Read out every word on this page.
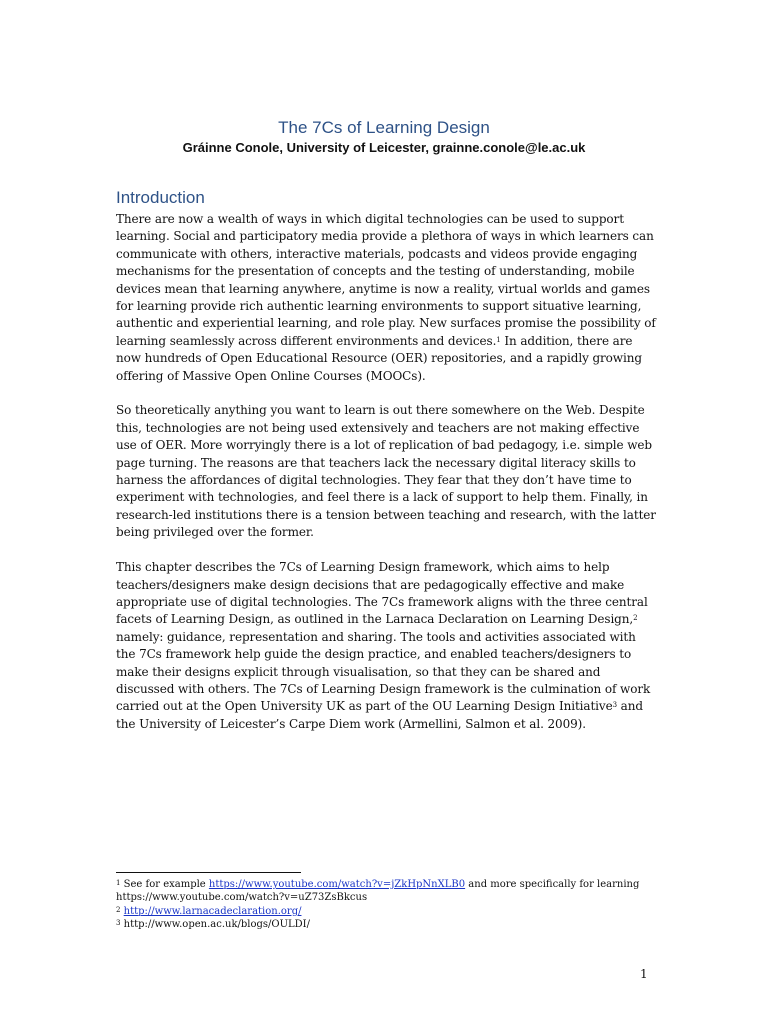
The 7Cs of Learning Design
Gráinne Conole, University of Leicester, grainne.conole@le.ac.uk
Introduction

There are now a wealth of ways in which digital technologies can be used to support learning. Social and participatory media provide a plethora of ways in which learners can communicate with others, interactive materials, podcasts and videos provide engaging mechanisms for the presentation of concepts and the testing of understanding, mobile devices mean that learning anywhere, anytime is now a reality, virtual worlds and games for learning provide rich authentic learning environments to support situative learning, authentic and experiential learning, and role play. New surfaces promise the possibility of learning seamlessly across different environments and devices.$^1$ In addition, there are now hundreds of Open Educational Resource (OER) repositories, and a rapidly growing offering of Massive Open Online Courses (MOOCs).

So theoretically anything you want to learn is out there somewhere on the Web. Despite this, technologies are not being used extensively and teachers are not making effective use of OER. More worryingly there is a lot of replication of bad pedagogy, i.e. simple web page turning. The reasons are that teachers lack the necessary digital literacy skills to harness the affordances of digital technologies. They fear that they don’t have time to experiment with technologies, and feel there is a lack of support to help them. Finally, in research-led institutions there is a tension between teaching and research, with the latter being privileged over the former.

This chapter describes the 7Cs of Learning Design framework, which aims to help teachers/designers make design decisions that are pedagogically effective and make appropriate use of digital technologies. The 7Cs framework aligns with the three central facets of Learning Design, as outlined in the Larnaca Declaration on Learning Design,$^2$ namely: guidance, representation and sharing. The tools and activities associated with the 7Cs framework help guide the design practice, and enabled teachers/designers to make their designs explicit through visualisation, so that they can be shared and discussed with others. The 7Cs of Learning Design framework is the culmination of work carried out at the Open University UK as part of the OU Learning Design Initiative$^3$ and the University of Leicester’s Carpe Diem work (Armellini, Salmon et al. 2009).

$^1$ See for example https://www.youtube.com/watch?v=jZkHpNnXLB0 and more specifically for learning https://www.youtube.com/watch?v=uZ73ZsBkcus
$^2$ http://www.larnacadeclaration.org/
$^3$ http://www.open.ac.uk/blogs/OULDI/
1
